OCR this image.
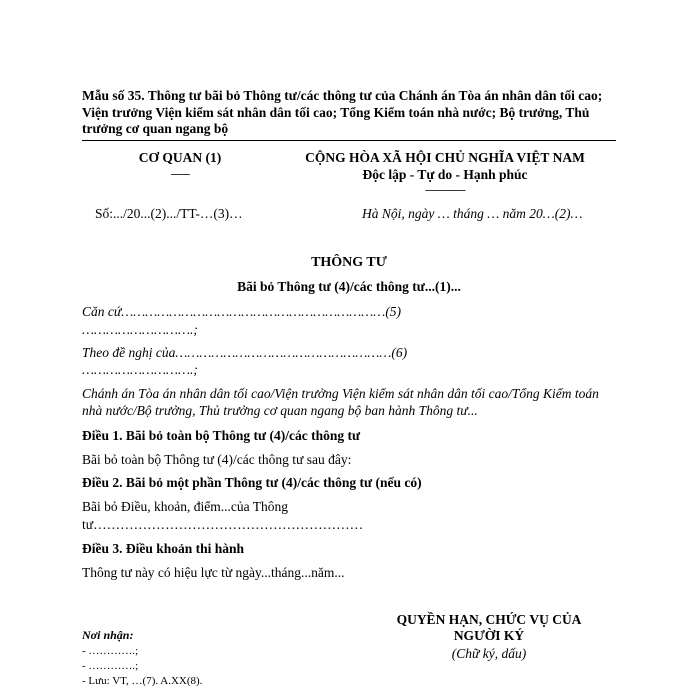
Mẫu số 35. Thông tư bãi bỏ Thông tư/các thông tư của Chánh án Tòa án nhân dân tối cao; Viện trưởng Viện kiểm sát nhân dân tối cao; Tổng Kiểm toán nhà nước; Bộ trưởng, Thủ trưởng cơ quan ngang bộ
CƠ QUAN (1)
-------
Số:.../20...(2).../TT-…(3)…
CỘNG HÒA XÃ HỘI CHỦ NGHĨA VIỆT NAM
Độc lập - Tự do - Hạnh phúc
---------------
Hà Nội, ngày … tháng … năm 20…(2)…
THÔNG TƯ
Bãi bỏ Thông tư (4)/các thông tư...(1)...
Căn cứ…………………………………………………………(5)
……………………….;
Theo đề nghị của………………………………………………(6)
……………………….;
Chánh án Tòa án nhân dân tối cao/Viện trưởng Viện kiểm sát nhân dân tối cao/Tổng Kiểm toán nhà nước/Bộ trưởng, Thủ trưởng cơ quan ngang bộ ban hành Thông tư...
Điều 1. Bãi bỏ toàn bộ Thông tư (4)/các thông tư
Bãi bỏ toàn bộ Thông tư (4)/các thông tư sau đây:
Điều 2. Bãi bỏ một phần Thông tư (4)/các thông tư (nếu có)
Bãi bỏ Điều, khoản, điểm...của Thông
tư……………………………………………………
Điều 3. Điều khoản thi hành
Thông tư này có hiệu lực từ ngày...tháng...năm...
Nơi nhận:
- ………….;
- ………….;
- Lưu: VT, …(7). A.XX(8).
QUYỀN HẠN, CHỨC VỤ CỦA
NGƯỜI KÝ
(Chữ ký, dấu)
